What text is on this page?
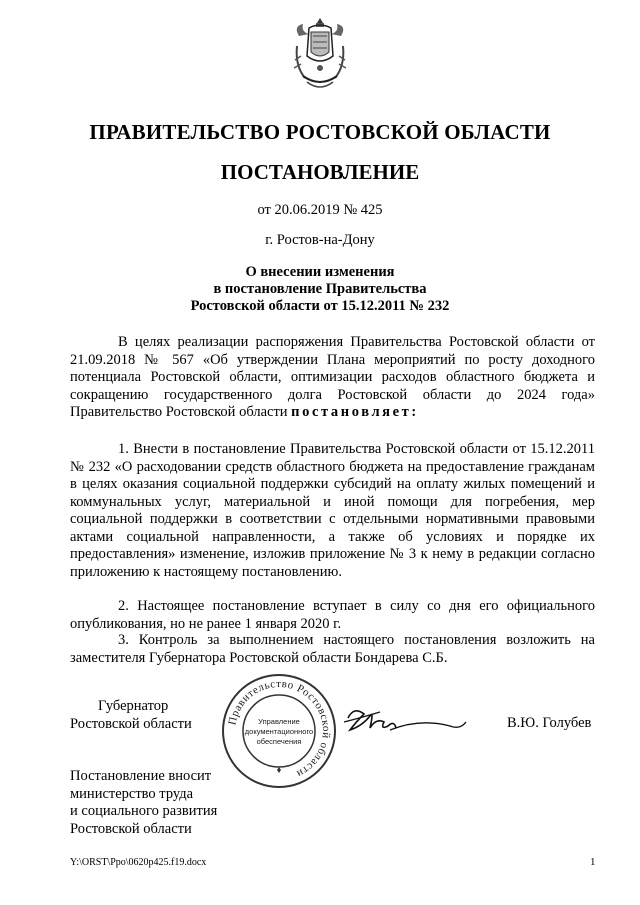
ПРАВИТЕЛЬСТВО РОСТОВСКОЙ ОБЛАСТИ
ПОСТАНОВЛЕНИЕ
от 20.06.2019 № 425
г. Ростов-на-Дону
О внесении изменения
в постановление Правительства
Ростовской области от 15.12.2011 № 232

В целях реализации распоряжения Правительства Ростовской области от 21.09.2018 № 567 «Об утверждении Плана мероприятий по росту доходного потенциала Ростовской области, оптимизации расходов областного бюджета и сокращению государственного долга Ростовской области до 2024 года» Правительство Ростовской области постановляет:

1. Внести в постановление Правительства Ростовской области от 15.12.2011 № 232 «О расходовании средств областного бюджета на предоставление гражданам в целях оказания социальной поддержки субсидий на оплату жилых помещений и коммунальных услуг, материальной и иной помощи для погребения, мер социальной поддержки в соответствии с отдельными нормативными правовыми актами социальной направленности, а также об условиях и порядке их предоставления» изменение, изложив приложение № 3 к нему в редакции согласно приложению к настоящему постановлению.

2. Настоящее постановление вступает в силу со дня его официального опубликования, но не ранее 1 января 2020 г.

3. Контроль за выполнением настоящего постановления возложить на заместителя Губернатора Ростовской области Бондарева С.Б.

Губернатор
Ростовской области	Правительство Ростовской области
Управление
документационного
обеспечения
В.Ю. Голубев
Постановление вносит
министерство труда
и социального развития
Ростовской области
Y:\ORST\Ppo\0620p425.f19.docx	1
